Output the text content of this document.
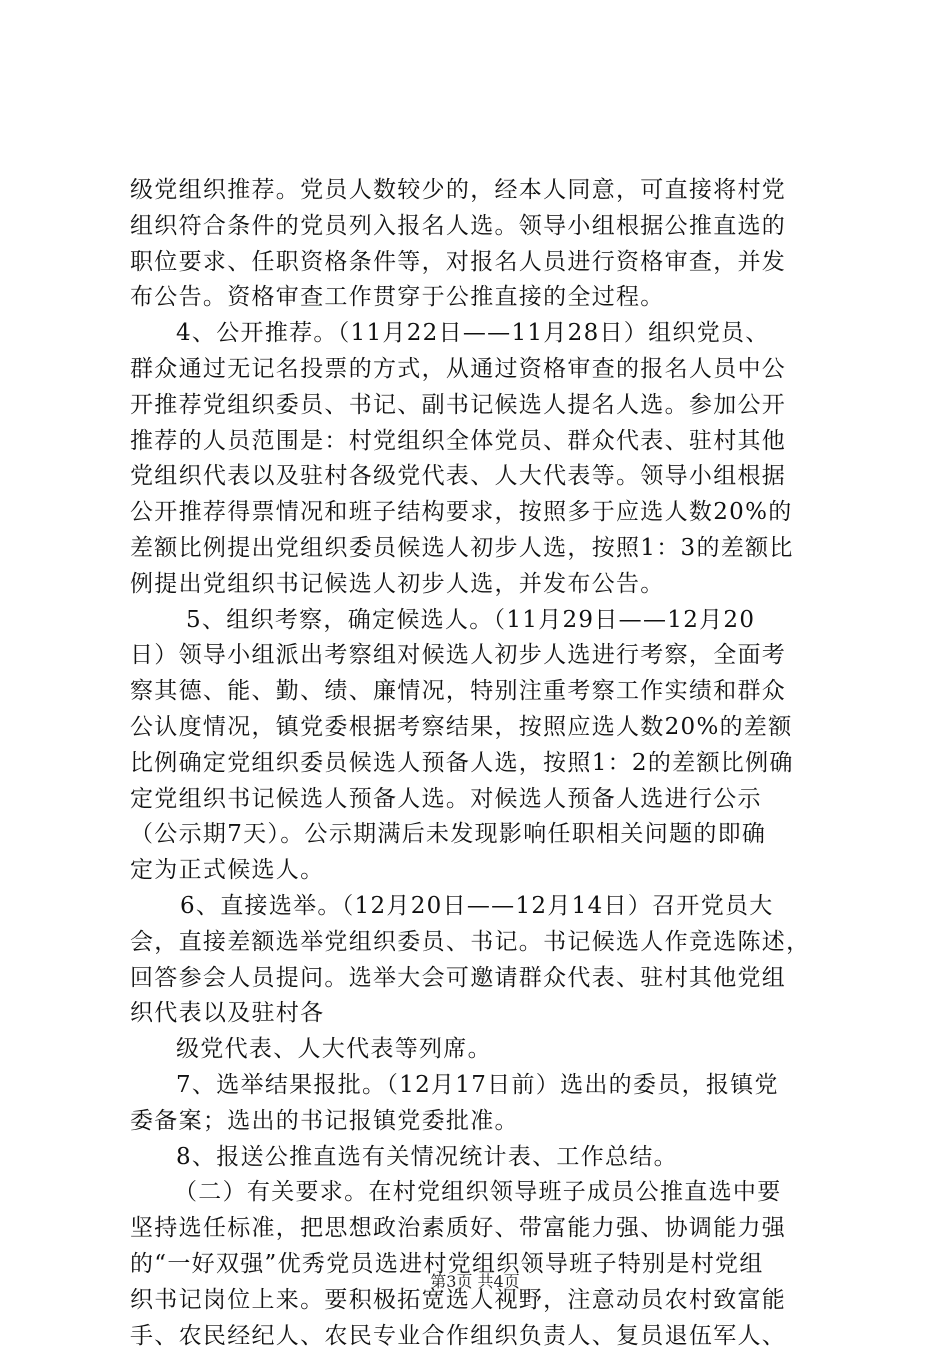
级党组织推荐。党员人数较少的，经本人同意，可直接将村党
组织符合条件的党员列入报名人选。领导小组根据公推直选的
职位要求、任职资格条件等，对报名人员进行资格审查，并发
布公告。资格审查工作贯穿于公推直接的全过程。
4、公开推荐。（11月22日——11月28日）组织党员、
群众通过无记名投票的方式，从通过资格审查的报名人员中公
开推荐党组织委员、书记、副书记候选人提名人选。参加公开
推荐的人员范围是：村党组织全体党员、群众代表、驻村其他
党组织代表以及驻村各级党代表、人大代表等。领导小组根据
公开推荐得票情况和班子结构要求，按照多于应选人数20%的
差额比例提出党组织委员候选人初步人选，按照1：3的差额比
例提出党组织书记候选人初步人选，并发布公告。
5、组织考察，确定候选人。（11月29日——12月20
日）领导小组派出考察组对候选人初步人选进行考察，全面考
察其德、能、勤、绩、廉情况，特别注重考察工作实绩和群众
公认度情况，镇党委根据考察结果，按照应选人数20%的差额
比例确定党组织委员候选人预备人选，按照1：2的差额比例确
定党组织书记候选人预备人选。对候选人预备人选进行公示
（公示期7天）。公示期满后未发现影响任职相关问题的即确
定为正式候选人。
6、直接选举。（12月20日——12月14日）召开党员大
会，直接差额选举党组织委员、书记。书记候选人作竞选陈述，
回答参会人员提问。选举大会可邀请群众代表、驻村其他党组
织代表以及驻村各
级党代表、人大代表等列席。
7、选举结果报批。（12月17日前）选出的委员，报镇党
委备案；选出的书记报镇党委批准。
8、报送公推直选有关情况统计表、工作总结。
（二）有关要求。在村党组织领导班子成员公推直选中要
坚持选任标准，把思想政治素质好、带富能力强、协调能力强
的“一好双强”优秀党员选进村党组织领导班子特别是村党组
织书记岗位上来。要积极拓宽选人视野，注意动员农村致富能
手、农民经纪人、农民专业合作组织负责人、复员退伍军人、
第3页 共4页
